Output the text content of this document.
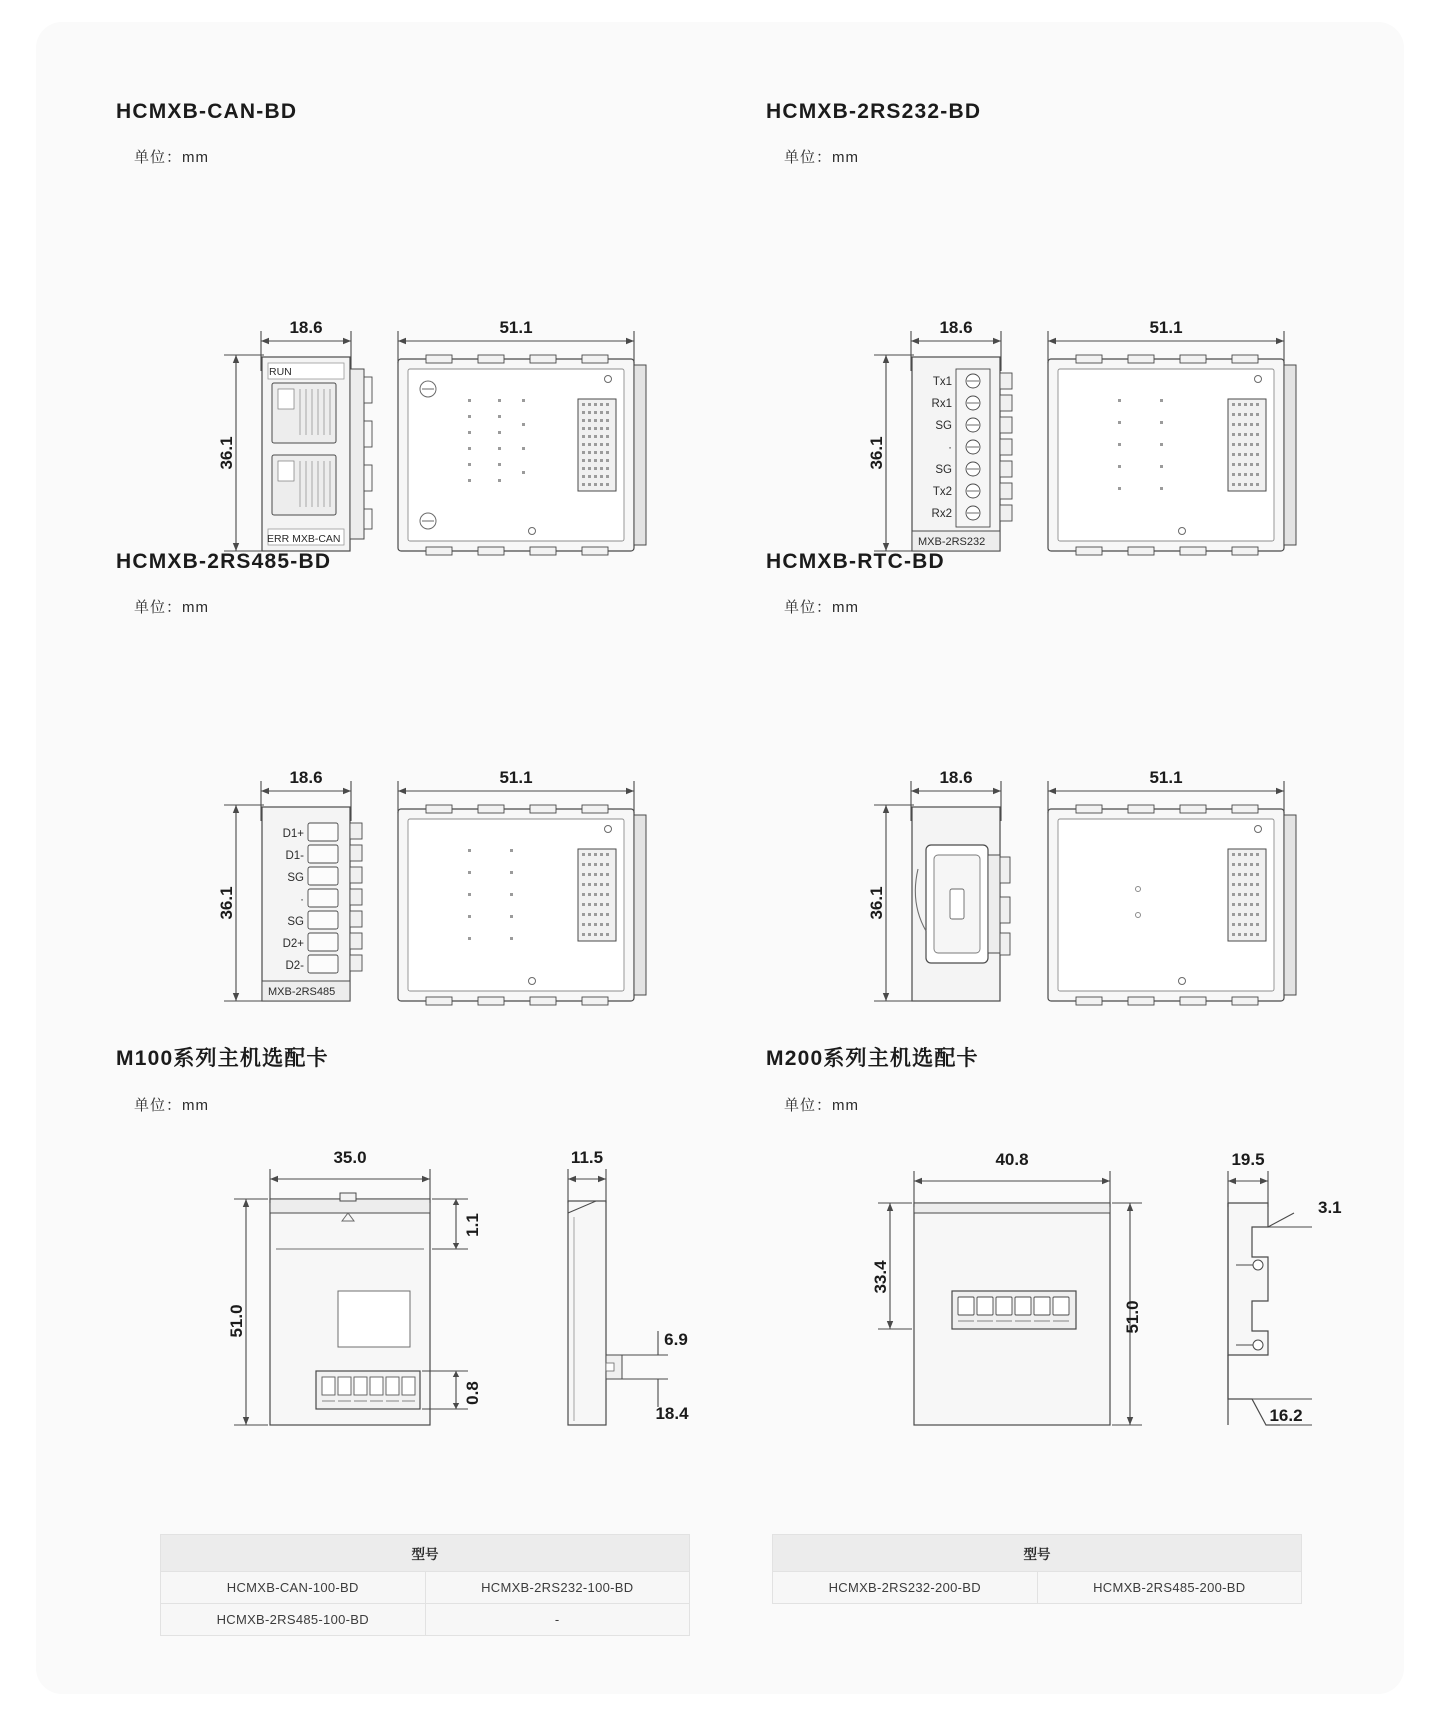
HCMXB-CAN-BD
单位：mm
18.6	51.1
36.1
RUN
ERR MXB-CAN
HCMXB-2RS232-BD
单位：mm
18.6	51.1
36.1
Tx1
Rx1
SG
·
SG
Tx2
Rx2
MXB-2RS232
HCMXB-2RS485-BD
单位：mm
18.6	51.1
36.1
D1+
D1-
SG
·
SG
D2+
D2-
MXB-2RS485
HCMXB-RTC-BD
单位：mm
18.6	51.1
36.1
M100系列主机选配卡
单位：mm
35.0	11.5
51.0
1.1
0.8
6.9
18.4
M200系列主机选配卡
单位：mm
40.8	19.5
33.4
51.0
3.1
16.2
型号	
HCMXB-CAN-100-BD	HCMXB-2RS232-100-BD
HCMXB-2RS485-100-BD	-
型号
HCMXB-2RS232-200-BD	HCMXB-2RS485-200-BD
